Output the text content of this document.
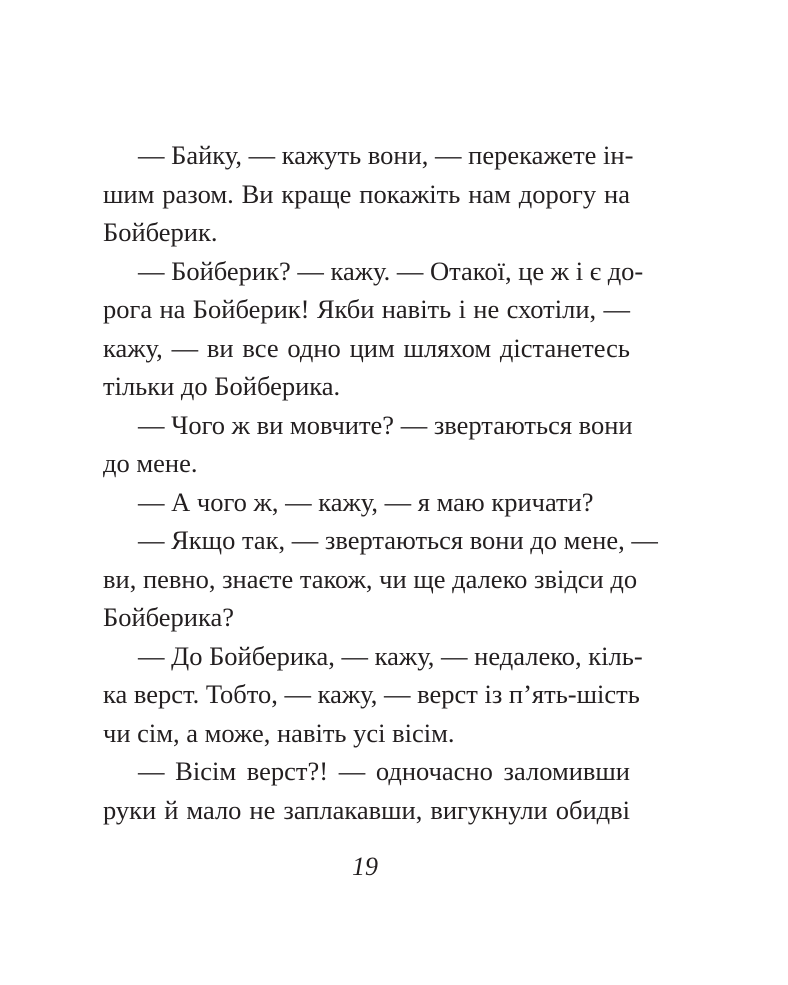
— Байку, — кажуть вони, — перекажете ін-
шим разом. Ви краще покажіть нам дорогу на
Бойберик.
— Бойберик? — кажу. — Отакої, це ж і є до-
рога на Бойберик! Якби навіть і не схотіли, —
кажу, — ви все одно цим шляхом дістанетесь
тільки до Бойберика.
— Чого ж ви мовчите? — звертаються вони
до мене.
— А чого ж, — кажу, — я маю кричати?
— Якщо так, — звертаються вони до мене, —
ви, певно, знаєте також, чи ще далеко звідси до
Бойберика?
— До Бойберика, — кажу, — недалеко, кіль-
ка верст. Тобто, — кажу, — верст із п’ять-шість
чи сім, а може, навіть усі вісім.
— Вісім верст?! — одночасно заломивши
руки й мало не заплакавши, вигукнули обидві
19
